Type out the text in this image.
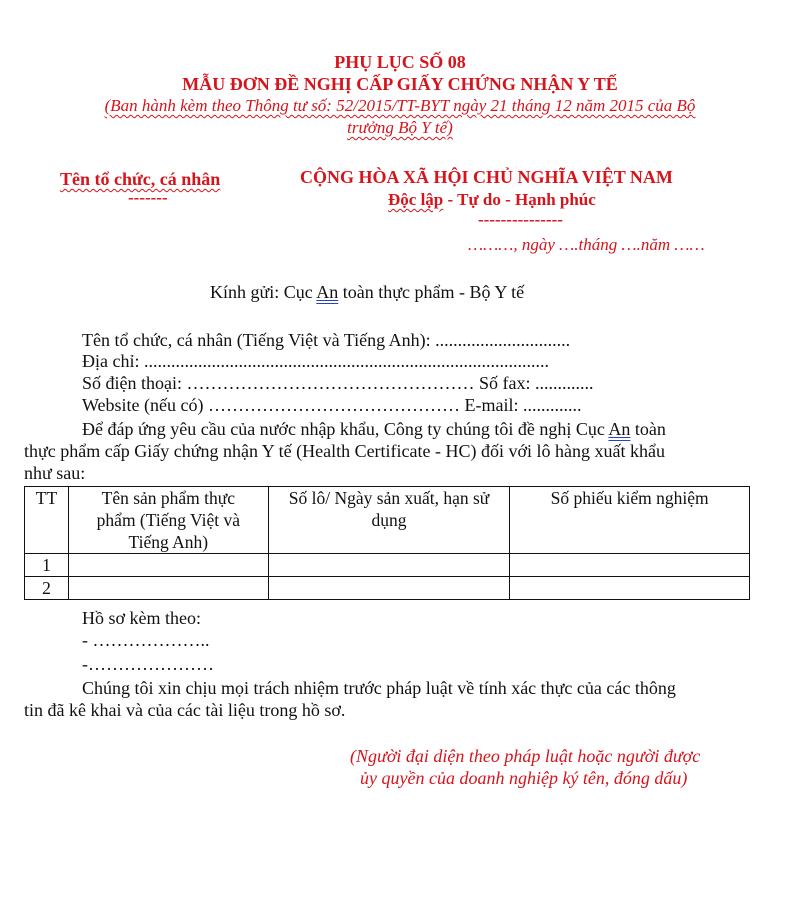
PHỤ LỤC SỐ 08
MẪU ĐƠN ĐỀ NGHỊ CẤP GIẤY CHỨNG NHẬN Y TẾ
(Ban hành kèm theo Thông tư số: 52/2015/TT-BYT ngày 21 tháng 12 năm 2015 của Bộ
trưởng Bộ Y tế)
Tên tổ chức, cá nhân
-------
CỘNG HÒA XÃ HỘI CHỦ NGHĨA VIỆT NAM
Độc lập - Tự do - Hạnh phúc
---------------
………, ngày ….tháng ….năm ……
Kính gửi: Cục An toàn thực phẩm - Bộ Y tế
Tên tổ chức, cá nhân (Tiếng Việt và Tiếng Anh): ..............................
Địa chỉ: ..........................................................................................
Số điện thoại: ………………………………………… Số fax: .............
Website (nếu có) …………………………………… E-mail: .............
Để đáp ứng yêu cầu của nước nhập khẩu, Công ty chúng tôi đề nghị Cục An toàn
thực phẩm cấp Giấy chứng nhận Y tế (Health Certificate - HC) đối với lô hàng xuất khẩu
như sau:
TT	Tên sản phẩm thực phẩm (Tiếng Việt và Tiếng Anh)	Số lô/ Ngày sản xuất, hạn sử dụng	Số phiếu kiểm nghiệm
1			
2			
Hồ sơ kèm theo:
- ………………..
-…………………
Chúng tôi xin chịu mọi trách nhiệm trước pháp luật về tính xác thực của các thông
tin đã kê khai và của các tài liệu trong hồ sơ.
(Người đại diện theo pháp luật hoặc người được
ủy quyền của doanh nghiệp ký tên, đóng dấu)
